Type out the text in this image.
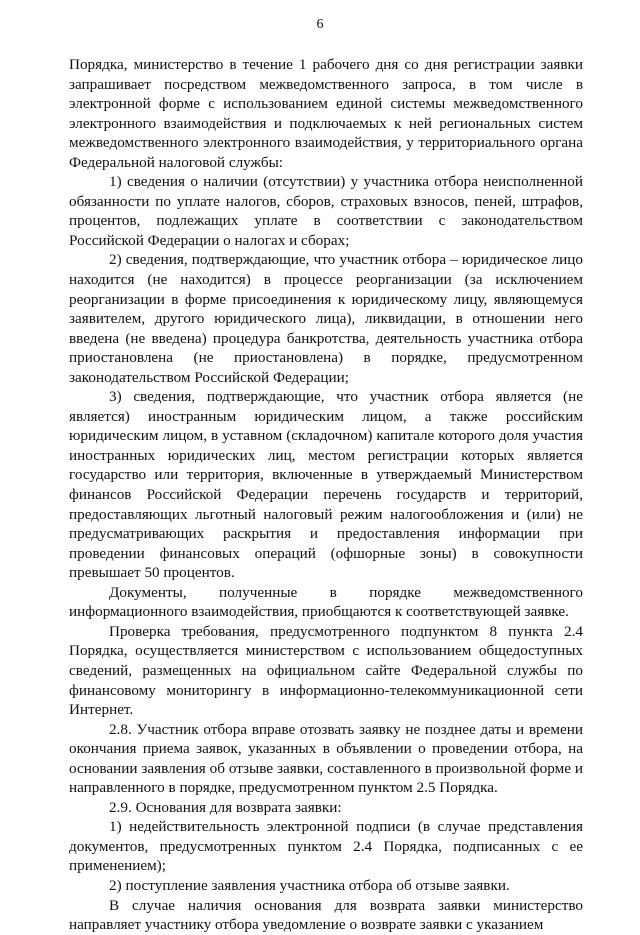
6

Порядка, министерство в течение 1 рабочего дня со дня регистрации заявки запрашивает посредством межведомственного запроса, в том числе в электронной форме с использованием единой системы межведомственного электронного взаимодействия и подключаемых к ней региональных систем межведомственного электронного взаимодействия, у территориального органа Федеральной налоговой службы:

1) сведения о наличии (отсутствии) у участника отбора неисполненной обязанности по уплате налогов, сборов, страховых взносов, пеней, штрафов, процентов, подлежащих уплате в соответствии с законодательством Российской Федерации о налогах и сборах;

2) сведения, подтверждающие, что участник отбора – юридическое лицо находится (не находится) в процессе реорганизации (за исключением реорганизации в форме присоединения к юридическому лицу, являющемуся заявителем, другого юридического лица), ликвидации, в отношении него введена (не введена) процедура банкротства, деятельность участника отбора приостановлена (не приостановлена) в порядке, предусмотренном законодательством Российской Федерации;

3) сведения, подтверждающие, что участник отбора является (не является) иностранным юридическим лицом, а также российским юридическим лицом, в уставном (складочном) капитале которого доля участия иностранных юридических лиц, местом регистрации которых является государство или территория, включенные в утверждаемый Министерством финансов Российской Федерации перечень государств и территорий, предоставляющих льготный налоговый режим налогообложения и (или) не предусматривающих раскрытия и предоставления информации при проведении финансовых операций (офшорные зоны) в совокупности превышает 50 процентов.

Документы, полученные в порядке межведомственного информационного взаимодействия, приобщаются к соответствующей заявке.

Проверка требования, предусмотренного подпунктом 8 пункта 2.4 Порядка, осуществляется министерством с использованием общедоступных сведений, размещенных на официальном сайте Федеральной службы по финансовому мониторингу в информационно-телекоммуникационной сети Интернет.

2.8. Участник отбора вправе отозвать заявку не позднее даты и времени окончания приема заявок, указанных в объявлении о проведении отбора, на основании заявления об отзыве заявки, составленного в произвольной форме и направленного в порядке, предусмотренном пунктом 2.5 Порядка.

2.9. Основания для возврата заявки:

1) недействительность электронной подписи (в случае представления документов, предусмотренных пунктом 2.4 Порядка, подписанных с ее применением);

2) поступление заявления участника отбора об отзыве заявки.

В случае наличия основания для возврата заявки министерство направляет участнику отбора уведомление о возврате заявки с указанием
